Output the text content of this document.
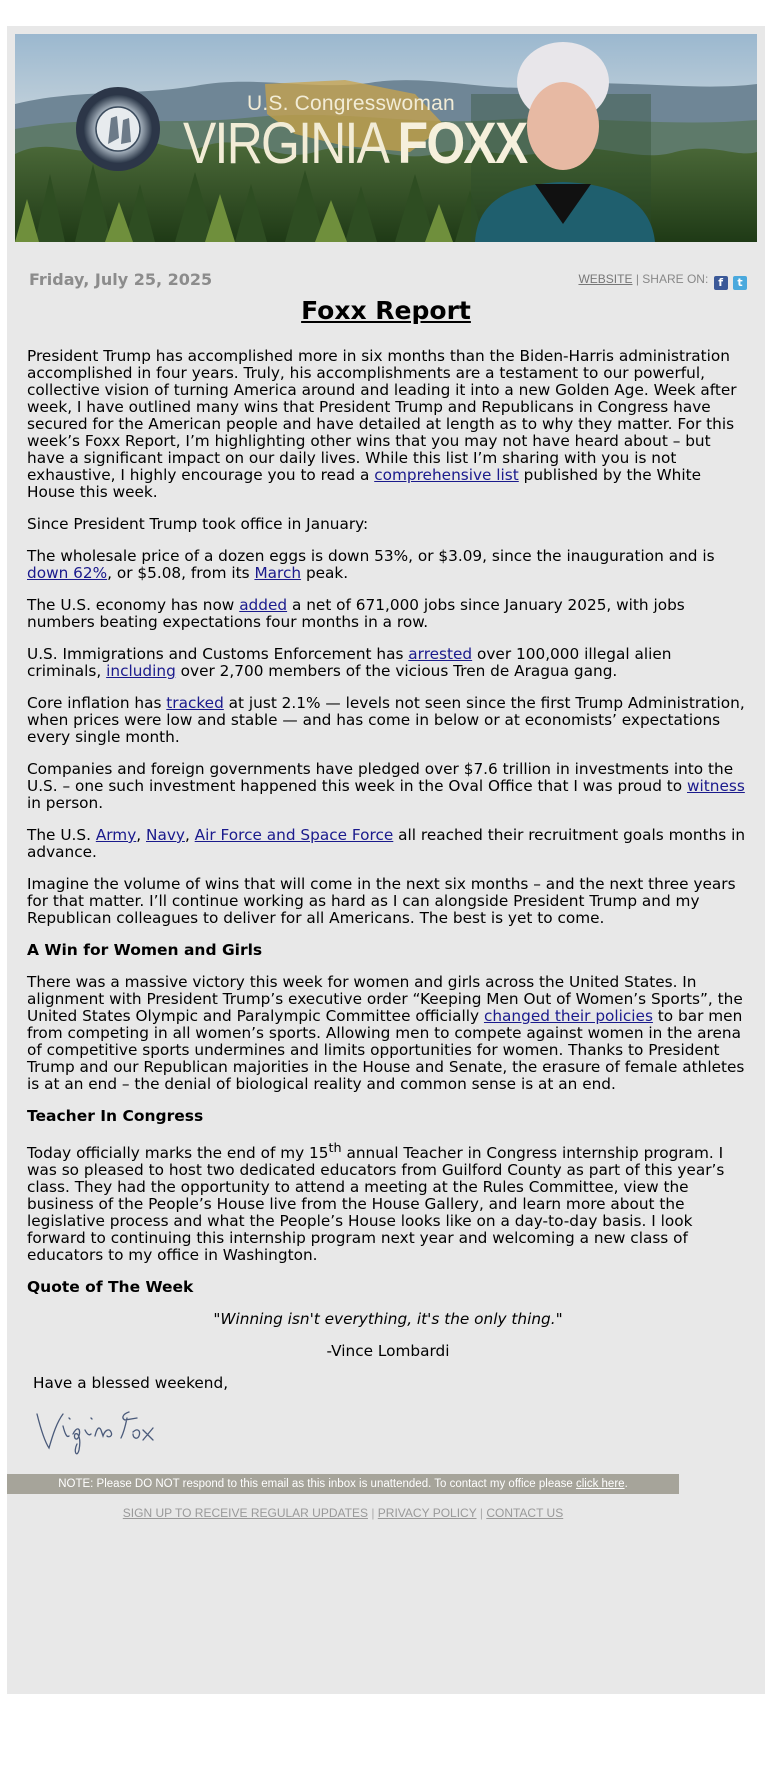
U.S. Congresswoman
VIRGINIA FOXX
Friday, July 25, 2025	WEBSITE | SHARE ON: f t
Foxx Report

President Trump has accomplished more in six months than the Biden-Harris administration accomplished in four years. Truly, his accomplishments are a testament to our powerful, collective vision of turning America around and leading it into a new Golden Age. Week after week, I have outlined many wins that President Trump and Republicans in Congress have secured for the American people and have detailed at length as to why they matter. For this week’s Foxx Report, I’m highlighting other wins that you may not have heard about – but have a significant impact on our daily lives. While this list I’m sharing with you is not exhaustive, I highly encourage you to read a comprehensive list published by the White House this week.

Since President Trump took office in January:

The wholesale price of a dozen eggs is down 53%, or $3.09, since the inauguration and is down 62%, or $5.08, from its March peak.

The U.S. economy has now added a net of 671,000 jobs since January 2025, with jobs numbers beating expectations four months in a row.

U.S. Immigrations and Customs Enforcement has arrested over 100,000 illegal alien criminals, including over 2,700 members of the vicious Tren de Aragua gang.

Core inflation has tracked at just 2.1% — levels not seen since the first Trump Administration, when prices were low and stable — and has come in below or at economists’ expectations every single month.

Companies and foreign governments have pledged over $7.6 trillion in investments into the U.S. – one such investment happened this week in the Oval Office that I was proud to witness in person.

The U.S. Army, Navy, Air Force and Space Force all reached their recruitment goals months in advance.

Imagine the volume of wins that will come in the next six months – and the next three years for that matter. I’ll continue working as hard as I can alongside President Trump and my Republican colleagues to deliver for all Americans. The best is yet to come.

A Win for Women and Girls

There was a massive victory this week for women and girls across the United States. In alignment with President Trump’s executive order “Keeping Men Out of Women’s Sports”, the United States Olympic and Paralympic Committee officially changed their policies to bar men from competing in all women’s sports. Allowing men to compete against women in the arena of competitive sports undermines and limits opportunities for women. Thanks to President Trump and our Republican majorities in the House and Senate, the erasure of female athletes is at an end – the denial of biological reality and common sense is at an end.

Teacher In Congress

Today officially marks the end of my 15th annual Teacher in Congress internship program. I was so pleased to host two dedicated educators from Guilford County as part of this year’s class. They had the opportunity to attend a meeting at the Rules Committee, view the business of the People’s House live from the House Gallery, and learn more about the legislative process and what the People’s House looks like on a day-to-day basis. I look forward to continuing this internship program next year and welcoming a new class of educators to my office in Washington.

Quote of The Week

"Winning isn't everything, it's the only thing."

-Vince Lombardi

Have a blessed weekend,

NOTE: Please DO NOT respond to this email as this inbox is unattended. To contact my office please click here.
SIGN UP TO RECEIVE REGULAR UPDATES | PRIVACY POLICY | CONTACT US
